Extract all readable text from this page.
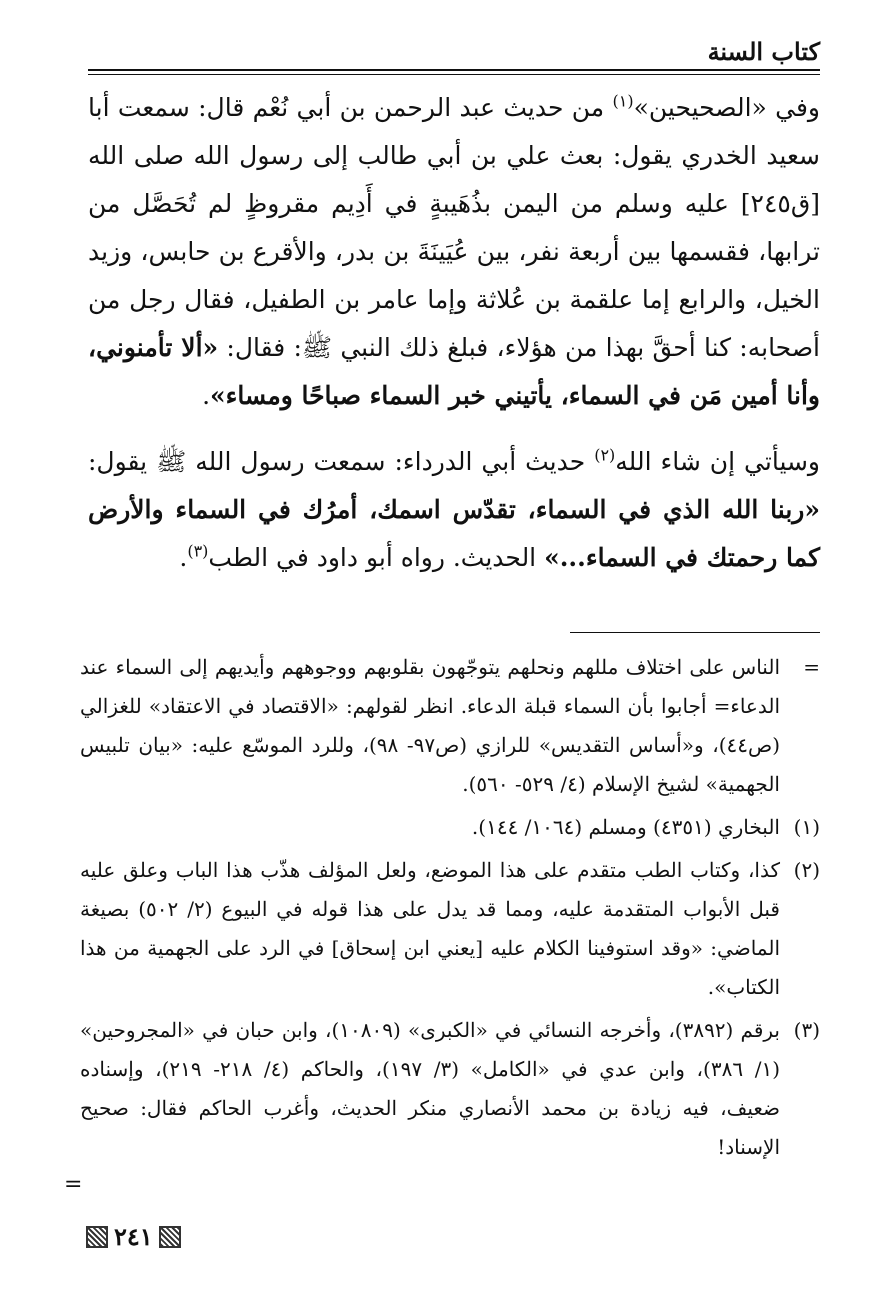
كتاب السنة

وفي «الصحيحين»$^{(١)}$ من حديث عبد الرحمن بن أبي نُعْم قال: سمعت أبا سعيد الخدري يقول: بعث علي بن أبي طالب إلى رسول الله صلى الله [ق٢٤٥] عليه وسلم من اليمن بذُهَيبةٍ في أَدِيم مقروظٍ لم تُحَصَّل من ترابها، فقسمها بين أربعة نفر، بين عُيَينَةَ بن بدر، والأقرع بن حابس، وزيد الخيل، والرابع إما علقمة بن عُلاثة وإما عامر بن الطفيل، فقال رجل من أصحابه: كنا أحقَّ بهذا من هؤلاء، فبلغ ذلك النبي ﷺ: فقال: «ألا تأمنوني، وأنا أمين مَن في السماء، يأتيني خبر السماء صباحًا ومساء».

وسيأتي إن شاء الله$^{(٢)}$ حديث أبي الدرداء: سمعت رسول الله ﷺ يقول: «ربنا الله الذي في السماء، تقدّس اسمك، أمرُك في السماء والأرض كما رحمتك في السماء...» الحديث. رواه أبو داود في الطب$^{(٣)}$.

=
الناس على اختلاف مللهم ونحلهم يتوجّهون بقلوبهم ووجوههم وأيديهم إلى السماء عند الدعاء= أجابوا بأن السماء قبلة الدعاء. انظر لقولهم: «الاقتصاد في الاعتقاد» للغزالي (ص٤٤)، و«أساس التقديس» للرازي (ص٩٧- ٩٨)، وللرد الموسّع عليه: «بيان تلبيس الجهمية» لشيخ الإسلام (٤/ ٥٢٩- ٥٦٠).
(١)
البخاري (٤٣٥١) ومسلم (١٠٦٤/ ١٤٤).
(٢)
كذا، وكتاب الطب متقدم على هذا الموضع، ولعل المؤلف هذّب هذا الباب وعلق عليه قبل الأبواب المتقدمة عليه، ومما قد يدل على هذا قوله في البيوع (٢/ ٥٠٢) بصيغة الماضي: «وقد استوفينا الكلام عليه [يعني ابن إسحاق] في الرد على الجهمية من هذا الكتاب».
(٣)
برقم (٣٨٩٢)، وأخرجه النسائي في «الكبرى» (١٠٨٠٩)، وابن حبان في «المجروحين» (١/ ٣٨٦)، وابن عدي في «الكامل» (٣/ ١٩٧)، والحاكم (٤/ ٢١٨- ٢١٩)، وإسناده ضعيف، فيه زيادة بن محمد الأنصاري منكر الحديث، وأغرب الحاكم فقال: صحيح الإسناد!
=
٢٤١
